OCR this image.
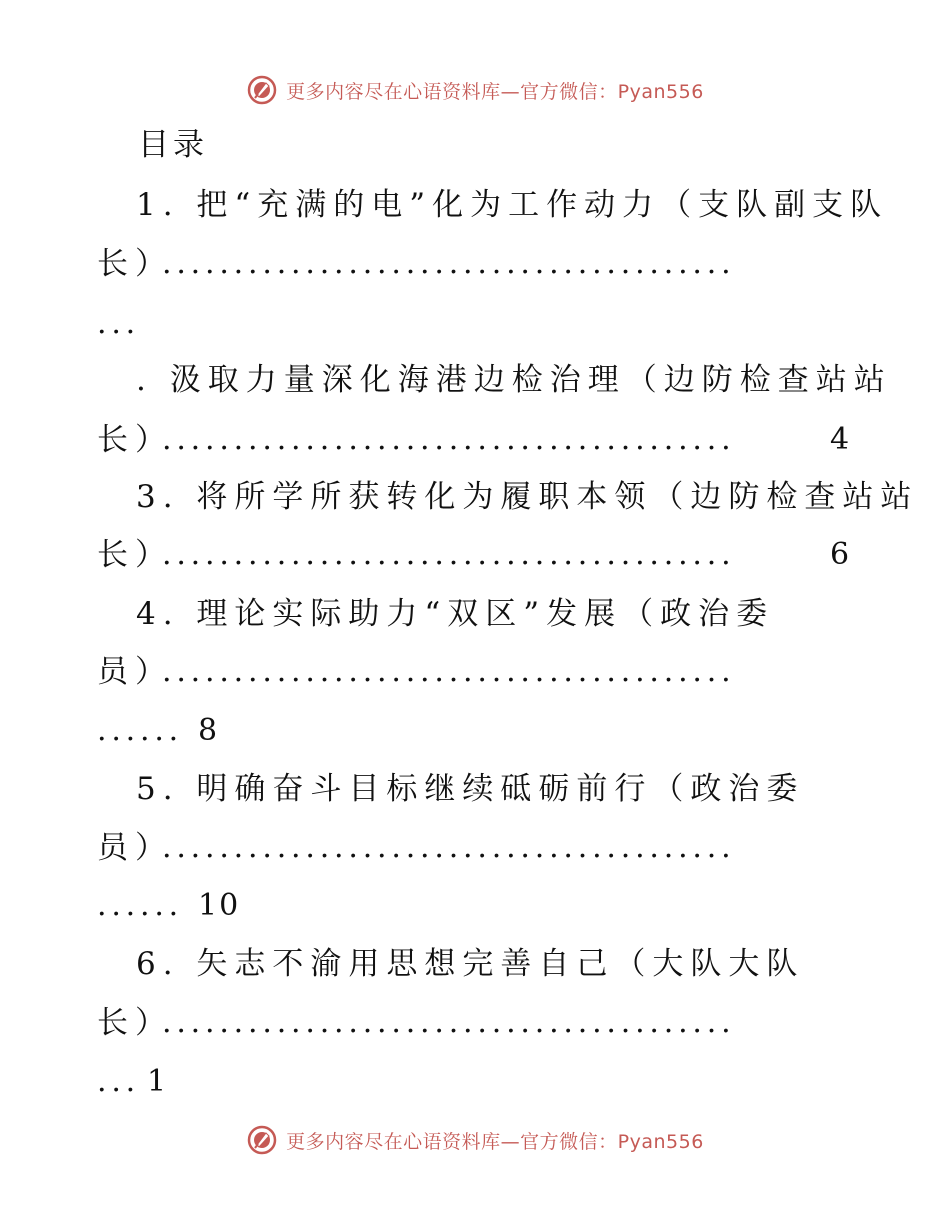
更多内容尽在心语资料库—官方微信：Pyan556
目录
1. 把“充满的电”化为工作动力（支队副支队
长）
........................................
...
. 汲取力量深化海港边检治理（边防检查站站
长）
........................................	4
3. 将所学所获转化为履职本领（边防检查站站
长）
........................................	6
4. 理论实际助力“双区”发展（政治委
员）
........................................
...... 8
5. 明确奋斗目标继续砥砺前行（政治委
员）
........................................
...... 10
6. 矢志不渝用思想完善自己（大队大队
长）
........................................
... 1
更多内容尽在心语资料库—官方微信：Pyan556
